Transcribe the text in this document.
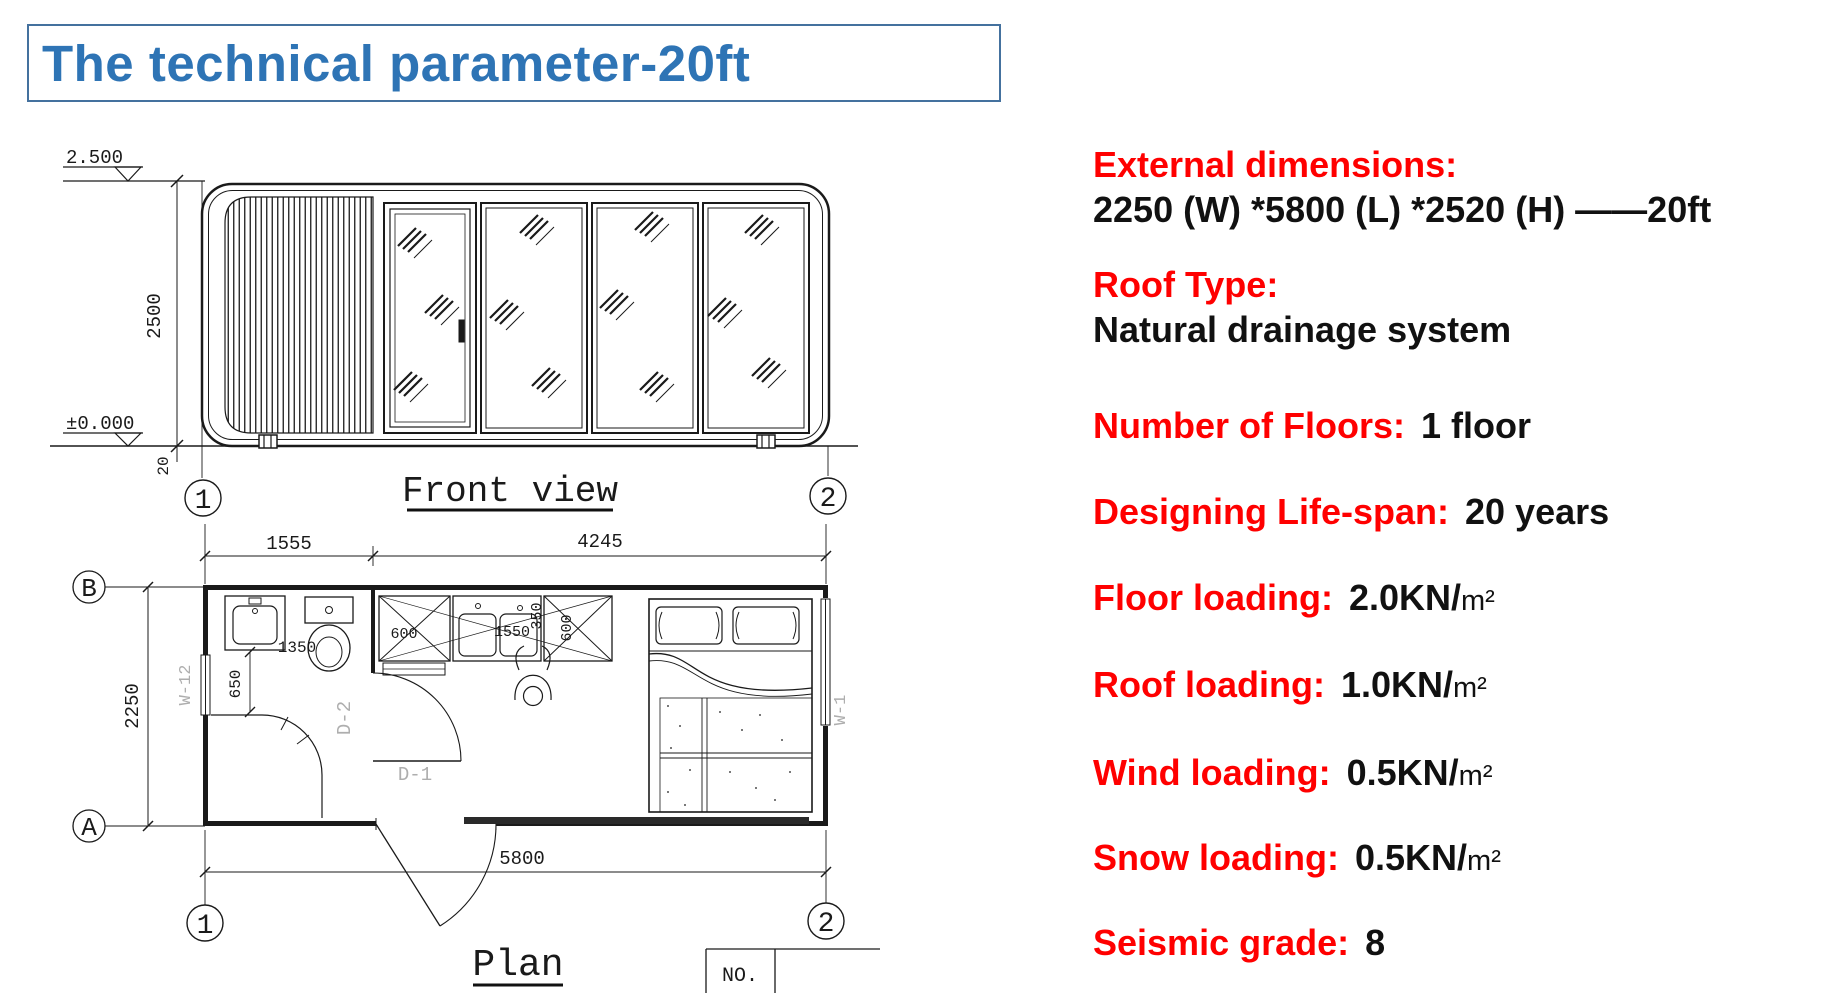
The technical parameter-20ft
2.500
±0.000
2500
20
1	2
Front view
1555	4245
B
A
2250 W-12
W-1
D-2
1350
650
600	1550
350 600
D-1
5800
1	2
Plan	NO.
External dimensions:
2250 (W) *5800 (L) *2520 (H) ——20ft
Roof Type:
Natural drainage system
Number of Floors: 1 floor
Designing Life-span: 20 years
Floor loading: 2.0KN/m²
Roof loading: 1.0KN/m²
Wind loading: 0.5KN/m²
Snow loading: 0.5KN/m²
Seismic grade: 8
